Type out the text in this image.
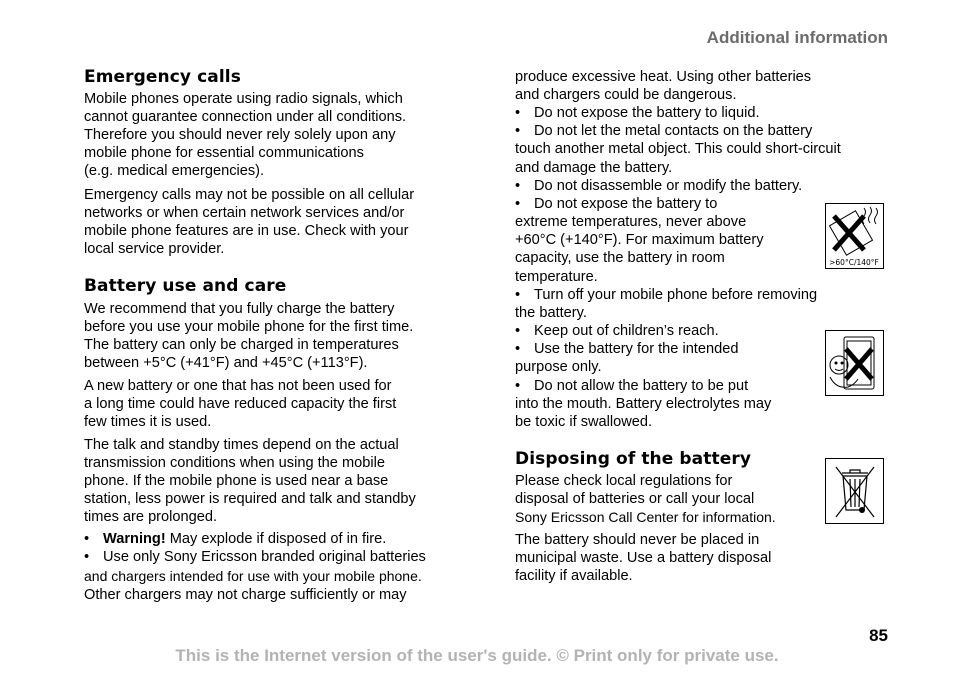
Additional information
Emergency calls
Mobile phones operate using radio signals, which
cannot guarantee connection under all conditions.
Therefore you should never rely solely upon any
mobile phone for essential communications
(e.g. medical emergencies).
Emergency calls may not be possible on all cellular
networks or when certain network services and/or
mobile phone features are in use. Check with your
local service provider.
Battery use and care
We recommend that you fully charge the battery
before you use your mobile phone for the first time.
The battery can only be charged in temperatures
between +5°C (+41°F) and +45°C (+113°F).
A new battery or one that has not been used for
a long time could have reduced capacity the first
few times it is used.
The talk and standby times depend on the actual
transmission conditions when using the mobile
phone. If the mobile phone is used near a base
station, less power is required and talk and standby
times are prolonged.
• Warning! May explode if disposed of in fire.
• Use only Sony Ericsson branded original batteries
and chargers intended for use with your mobile phone.
Other chargers may not charge sufficiently or may
produce excessive heat. Using other batteries
and chargers could be dangerous.
• Do not expose the battery to liquid.
• Do not let the metal contacts on the battery
touch another metal object. This could short-circuit
and damage the battery.
• Do not disassemble or modify the battery.
• Do not expose the battery to
extreme temperatures, never above
+60°C (+140°F). For maximum battery
capacity, use the battery in room
temperature.
• Turn off your mobile phone before removing
the battery.
• Keep out of children’s reach.
• Use the battery for the intended
purpose only.
• Do not allow the battery to be put
into the mouth. Battery electrolytes may
be toxic if swallowed.
Disposing of the battery
Please check local regulations for
disposal of batteries or call your local
Sony Ericsson Call Center for information.
The battery should never be placed in
municipal waste. Use a battery disposal
facility if available.
>60°C/140°F
85
This is the Internet version of the user's guide. © Print only for private use.
